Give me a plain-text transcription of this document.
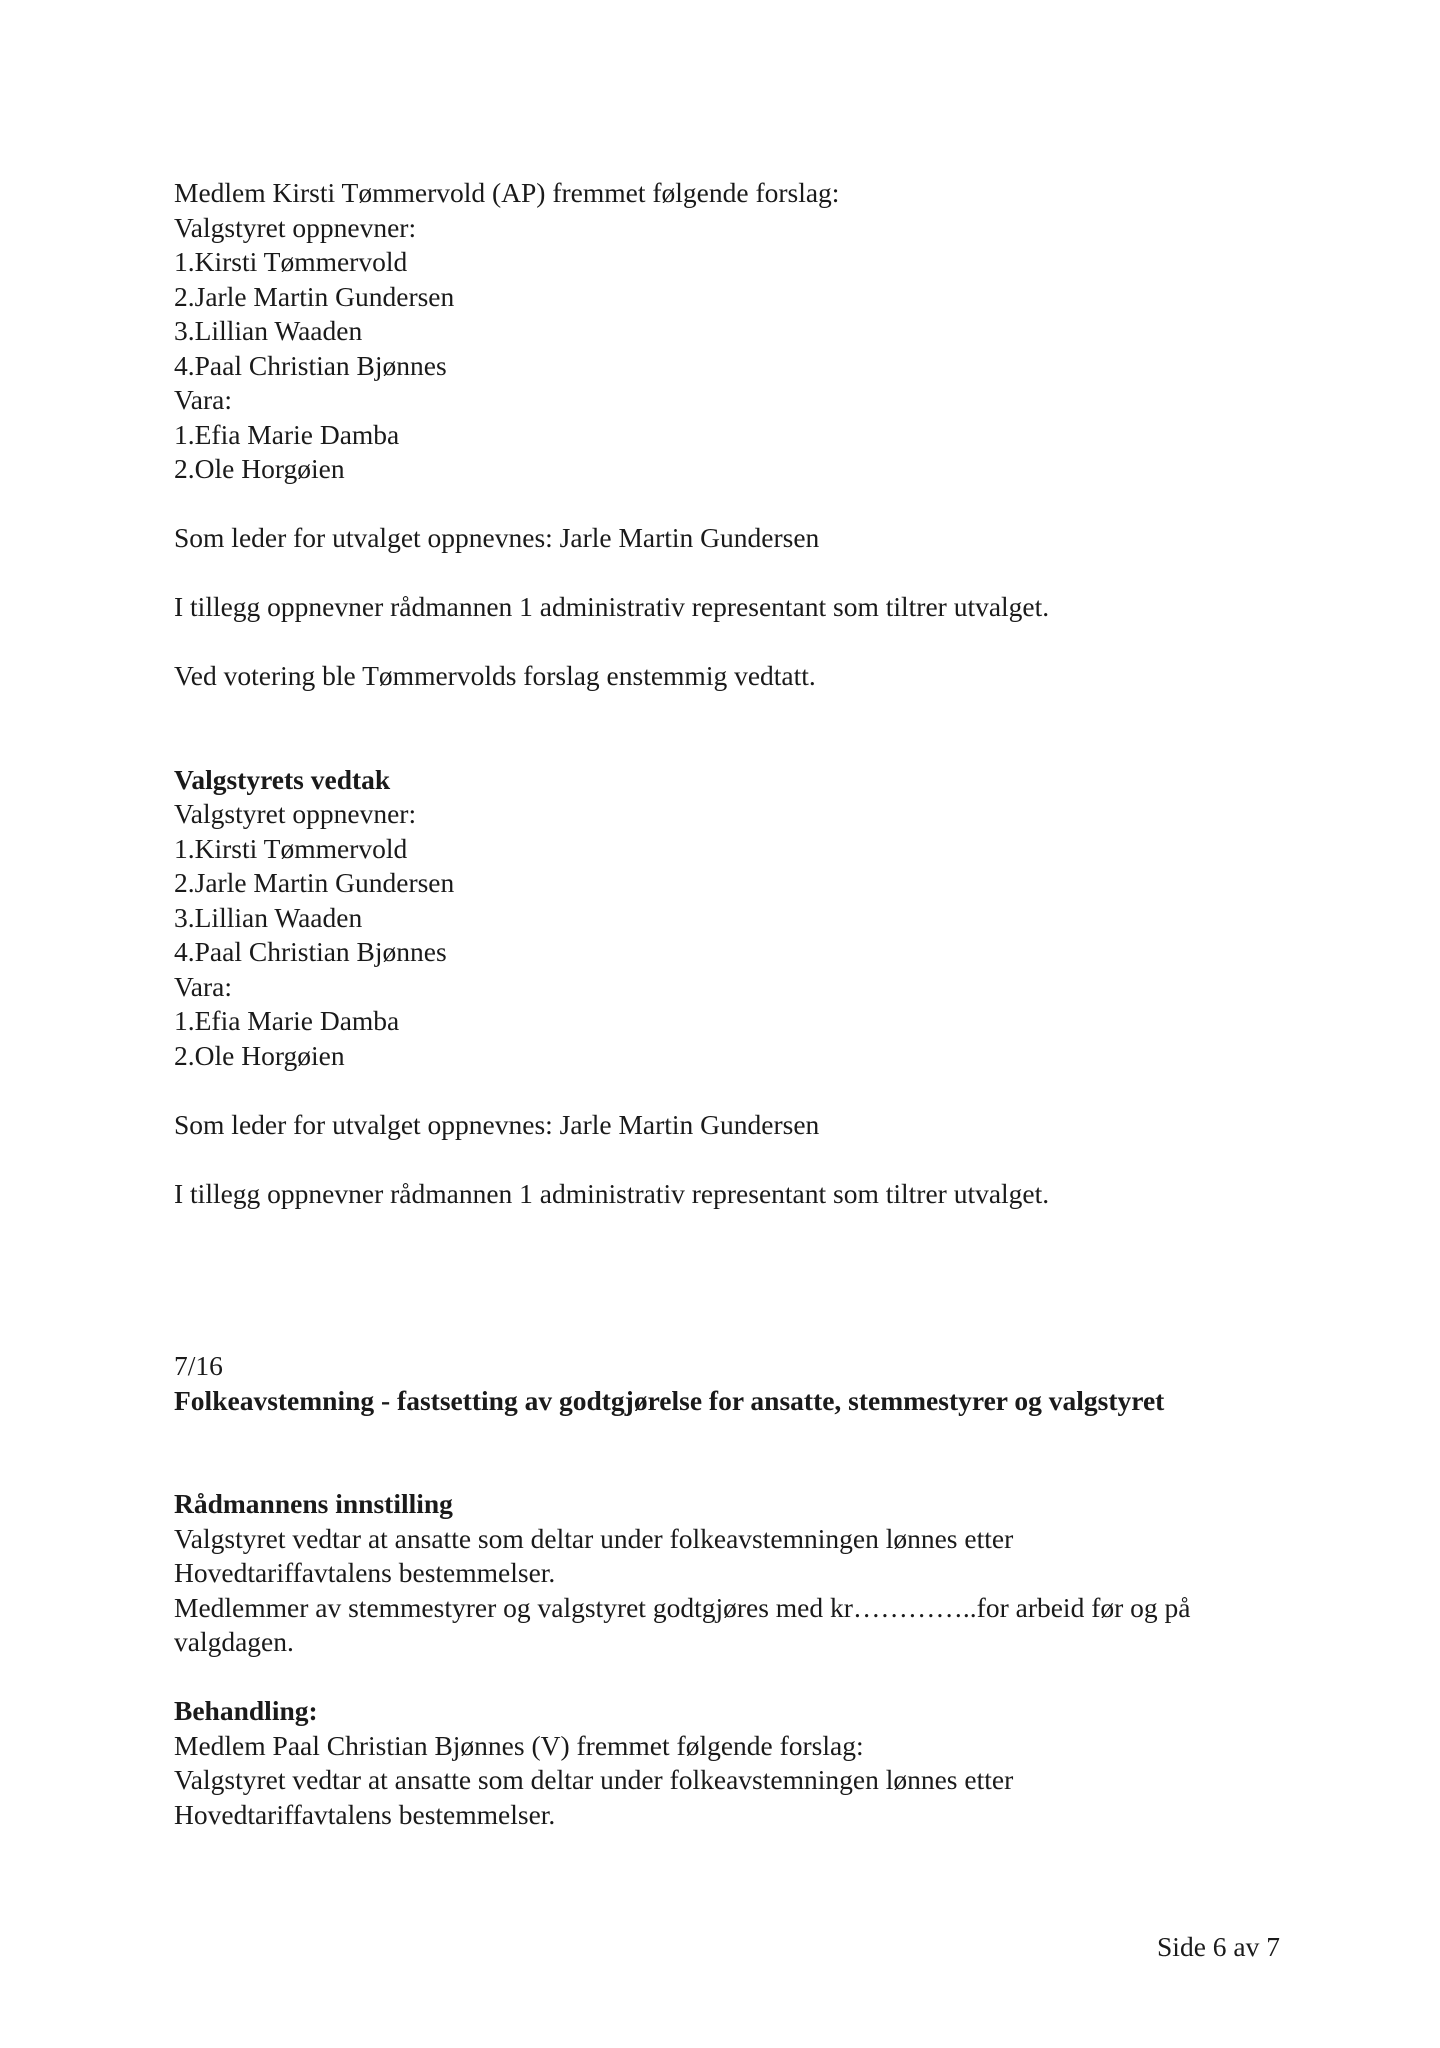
Medlem Kirsti Tømmervold (AP) fremmet følgende forslag:
Valgstyret oppnevner:
1.Kirsti Tømmervold
2.Jarle Martin Gundersen
3.Lillian Waaden
4.Paal Christian Bjønnes
Vara:
1.Efia Marie Damba
2.Ole Horgøien
Som leder for utvalget oppnevnes: Jarle Martin Gundersen
I tillegg oppnevner rådmannen 1 administrativ representant som tiltrer utvalget.
Ved votering ble Tømmervolds forslag enstemmig vedtatt.
Valgstyrets vedtak
Valgstyret oppnevner:
1.Kirsti Tømmervold
2.Jarle Martin Gundersen
3.Lillian Waaden
4.Paal Christian Bjønnes
Vara:
1.Efia Marie Damba
2.Ole Horgøien
Som leder for utvalget oppnevnes: Jarle Martin Gundersen
I tillegg oppnevner rådmannen 1 administrativ representant som tiltrer utvalget.
7/16
Folkeavstemning - fastsetting av godtgjørelse for ansatte, stemmestyrer og valgstyret
Rådmannens innstilling
Valgstyret vedtar at ansatte som deltar under folkeavstemningen lønnes etter
Hovedtariffavtalens bestemmelser.
Medlemmer av stemmestyrer og valgstyret godtgjøres med kr…………..for arbeid før og på
valgdagen.
Behandling:
Medlem Paal Christian Bjønnes (V) fremmet følgende forslag:
Valgstyret vedtar at ansatte som deltar under folkeavstemningen lønnes etter
Hovedtariffavtalens bestemmelser.
Side 6 av 7
